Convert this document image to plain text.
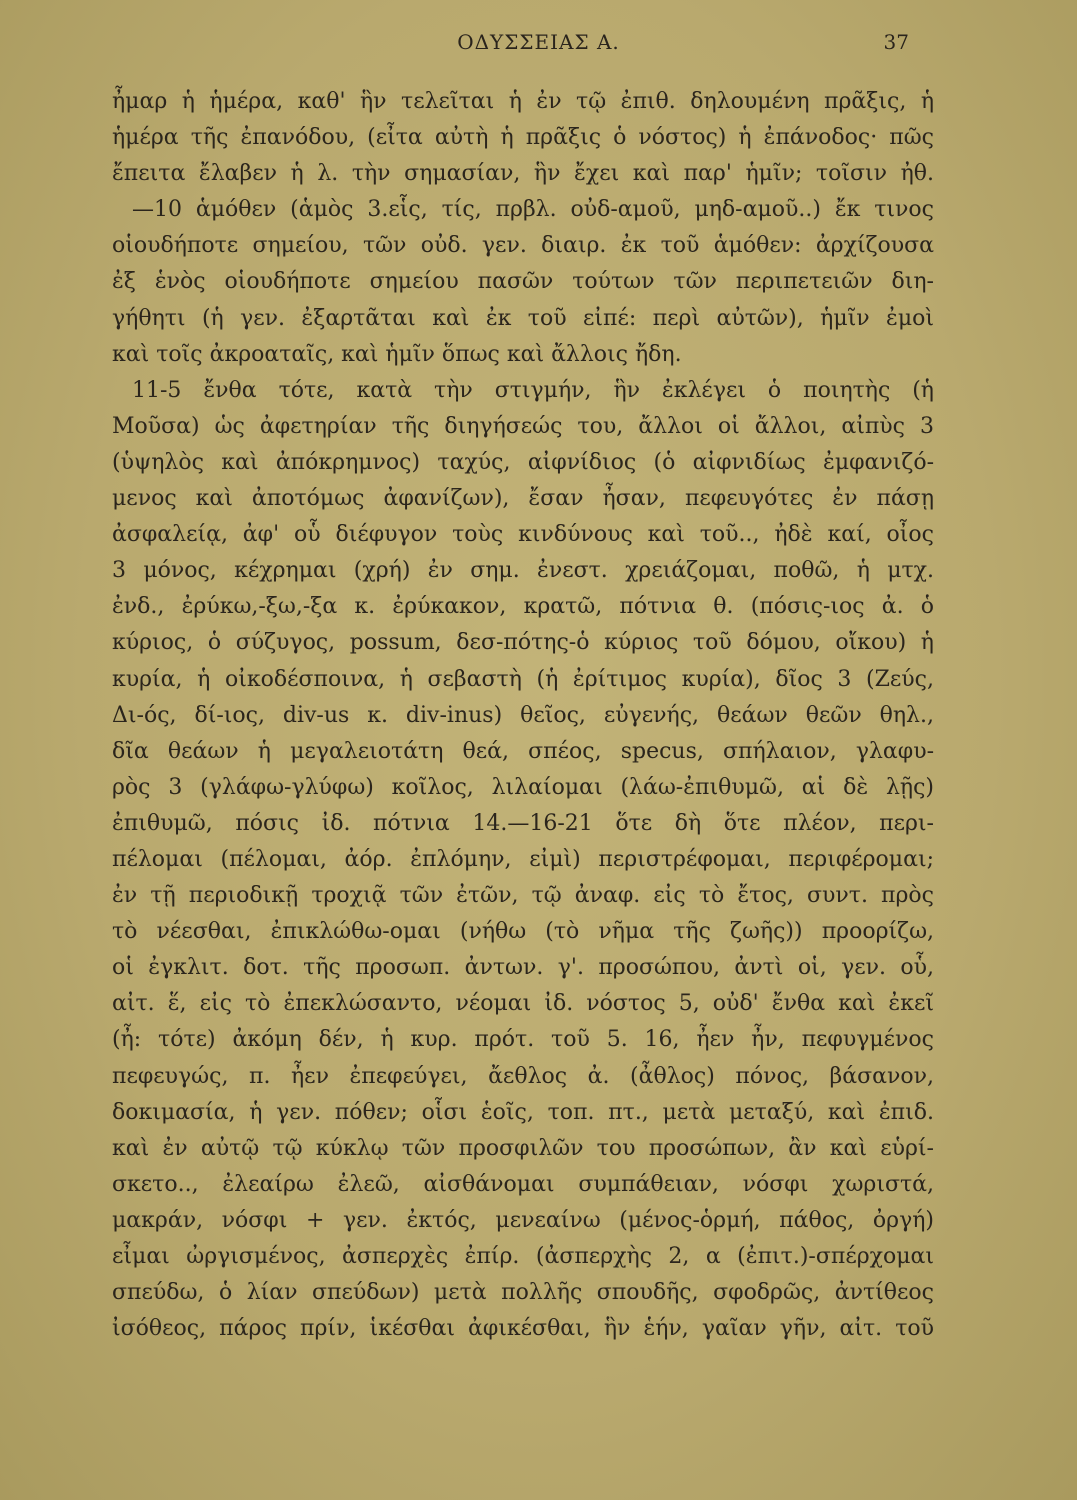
ΟΔΥΣΣΕΙΑΣ Α.	37
ἦμαρ ἡ ἡμέρα, καθ' ἣν τελεῖται ἡ ἐν τῷ ἐπιθ. δηλουμένη πρᾶξις, ἡ
ἡμέρα τῆς ἐπανόδου, (εἶτα αὐτὴ ἡ πρᾶξις ὁ νόστος) ἡ ἐπάνοδος· πῶς
ἔπειτα ἔλαβεν ἡ λ. τὴν σημασίαν, ἣν ἔχει καὶ παρ' ἡμῖν; τοῖσιν ἠθ.
—10 ἁμόθεν (ἁμὸς 3.εἷς, τίς, πρβλ. οὐδ-αμοῦ, μηδ-αμοῦ..) ἔκ τινος
οἱουδήποτε σημείου, τῶν οὐδ. γεν. διαιρ. ἐκ τοῦ ἁμόθεν: ἀρχίζουσα
ἐξ ἑνὸς οἱουδήποτε σημείου πασῶν τούτων τῶν περιπετειῶν διη-
γήθητι (ἡ γεν. ἐξαρτᾶται καὶ ἐκ τοῦ εἰπέ: περὶ αὐτῶν), ἡμῖν ἐμοὶ
καὶ τοῖς ἀκροαταῖς, καὶ ἡμῖν ὅπως καὶ ἄλλοις ἤδη.
11-5 ἔνθα τότε, κατὰ τὴν στιγμήν, ἣν ἐκλέγει ὁ ποιητὴς (ἡ
Μοῦσα) ὡς ἀφετηρίαν τῆς διηγήσεώς του, ἄλλοι οἱ ἄλλοι, αἰπὺς 3
(ὑψηλὸς καὶ ἀπόκρημνος) ταχύς, αἰφνίδιος (ὁ αἰφνιδίως ἐμφανιζό-
μενος καὶ ἀποτόμως ἀφανίζων), ἔσαν ἦσαν, πεφευγότες ἐν πάσῃ
ἀσφαλείᾳ, ἀφ' οὗ διέφυγον τοὺς κινδύνους καὶ τοῦ.., ἠδὲ καί, οἶος
3 μόνος, κέχρημαι (χρή) ἐν σημ. ἐνεστ. χρειάζομαι, ποθῶ, ἡ μτχ.
ἐνδ., ἐρύκω,-ξω,-ξα κ. ἐρύκακον, κρατῶ, πότνια θ. (πόσις-ιος ἀ. ὁ
κύριος, ὁ σύζυγος, possum, δεσ-πότης-ὁ κύριος τοῦ δόμου, οἴκου) ἡ
κυρία, ἡ οἰκοδέσποινα, ἡ σεβαστὴ (ἡ ἐρίτιμος κυρία), δῖος 3 (Ζεύς,
Δι-ός, δί-ιος, div-us κ. div-inus) θεῖος, εὐγενής, θεάων θεῶν θηλ.,
δῖα θεάων ἡ μεγαλειοτάτη θεά, σπέος, specus, σπήλαιον, γλαφυ-
ρὸς 3 (γλάφω-γλύφω) κοῖλος, λιλαίομαι (λάω-ἐπιθυμῶ, αἱ δὲ λῇς)
ἐπιθυμῶ, πόσις ἰδ. πότνια 14.—16-21 ὅτε δὴ ὅτε πλέον, περι-
πέλομαι (πέλομαι, ἀόρ. ἐπλόμην, εἰμὶ) περιστρέφομαι, περιφέρομαι;
ἐν τῇ περιοδικῇ τροχιᾷ τῶν ἐτῶν, τῷ ἀναφ. εἰς τὸ ἔτος, συντ. πρὸς
τὸ νέεσθαι, ἐπικλώθω-ομαι (νήθω (τὸ νῆμα τῆς ζωῆς)) προορίζω,
οἱ ἐγκλιτ. δοτ. τῆς προσωπ. ἀντων. γ'. προσώπου, ἀντὶ οἱ, γεν. οὗ,
αἰτ. ἕ, εἰς τὸ ἐπεκλώσαντο, νέομαι ἰδ. νόστος 5, οὐδ' ἔνθα καὶ ἐκεῖ
(ἦ: τότε) ἀκόμη δέν, ἡ κυρ. πρότ. τοῦ 5. 16, ἦεν ἦν, πεφυγμένος
πεφευγώς, π. ἦεν ἐπεφεύγει, ἄεθλος ἀ. (ἆθλος) πόνος, βάσανον,
δοκιμασία, ἡ γεν. πόθεν; οἷσι ἑοῖς, τοπ. πτ., μετὰ μεταξύ, καὶ ἐπιδ.
καὶ ἐν αὐτῷ τῷ κύκλῳ τῶν προσφιλῶν του προσώπων, ἂν καὶ εὑρί-
σκετο.., ἐλεαίρω ἐλεῶ, αἰσθάνομαι συμπάθειαν, νόσφι χωριστά,
μακράν, νόσφι + γεν. ἐκτός, μενεαίνω (μένος-ὁρμή, πάθος, ὀργή)
εἶμαι ὠργισμένος, ἀσπερχὲς ἐπίρ. (ἀσπερχὴς 2, α (ἐπιτ.)-σπέρχομαι
σπεύδω, ὁ λίαν σπεύδων) μετὰ πολλῆς σπουδῆς, σφοδρῶς, ἀντίθεος
ἰσόθεος, πάρος πρίν, ἱκέσθαι ἀφικέσθαι, ἣν ἑήν, γαῖαν γῆν, αἰτ. τοῦ
